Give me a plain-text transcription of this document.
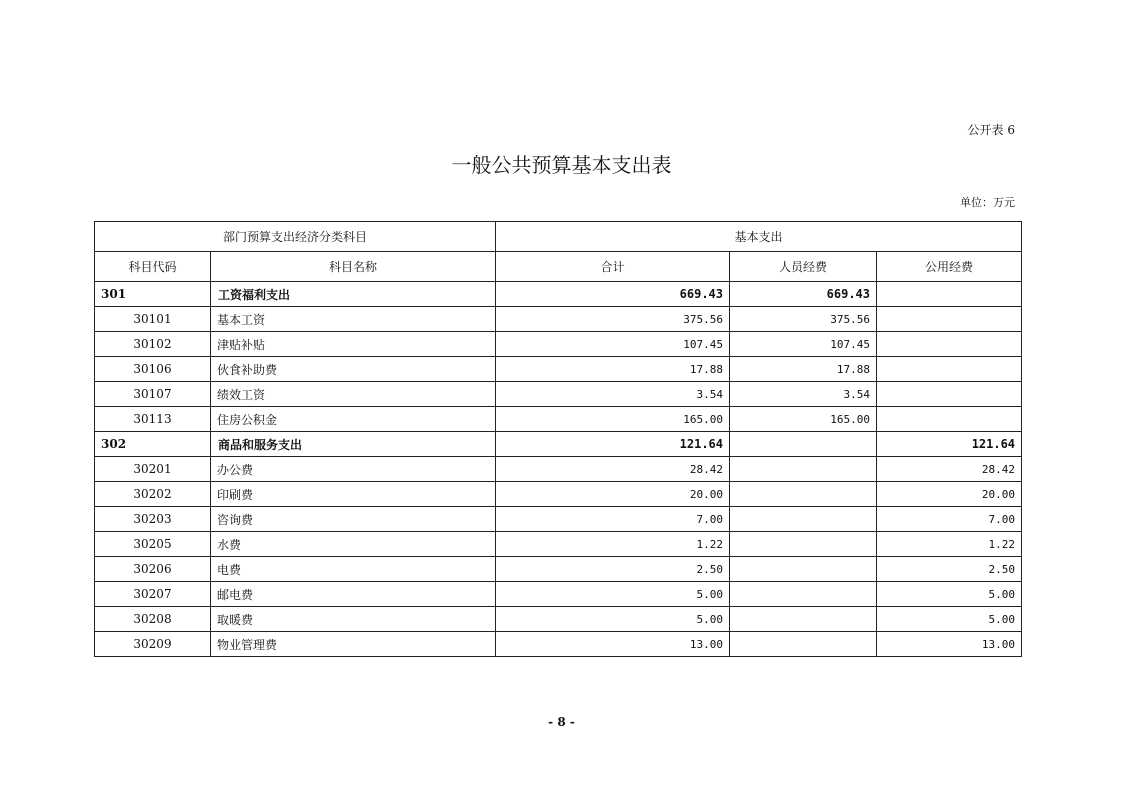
公开表 6
一般公共预算基本支出表
单位：万元
部门预算支出经济分类科目		基本支出		
科目代码	科目名称	合计	人员经费	公用经费
301	工资福利支出	669.43	669.43	
30101	基本工资	375.56	375.56	
30102	津贴补贴	107.45	107.45	
30106	伙食补助费	17.88	17.88	
30107	绩效工资	3.54	3.54	
30113	住房公积金	165.00	165.00	
302	商品和服务支出	121.64		121.64
30201	办公费	28.42		28.42
30202	印刷费	20.00		20.00
30203	咨询费	7.00		7.00
30205	水费	1.22		1.22
30206	电费	2.50		2.50
30207	邮电费	5.00		5.00
30208	取暖费	5.00		5.00
30209	物业管理费	13.00		13.00
- 8 -
